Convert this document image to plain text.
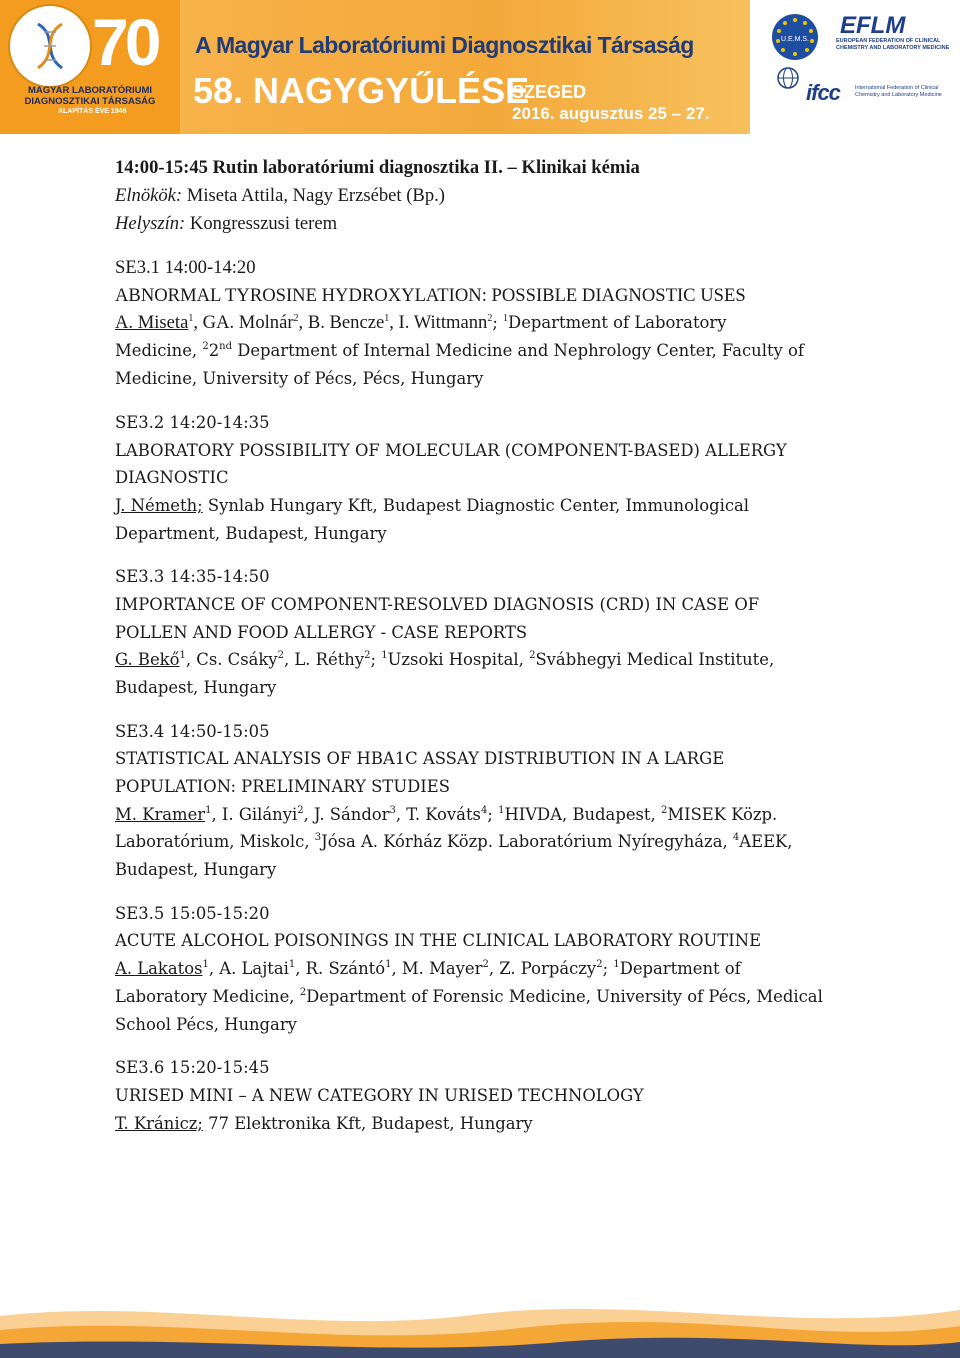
70
MAGYAR LABORATÓRIUMI DIAGNOSZTIKAI TÁRSASÁG
ALAPÍTÁS ÉVE 1946
A Magyar Laboratóriumi Diagnosztikai Társaság
58. NAGYGYŰLÉSE
SZEGED
2016. augusztus 25 – 27.
U.E.M.S.
EFLM
EUROPEAN FEDERATION OF CLINICAL CHEMISTRY AND LABORATORY MEDICINE
ifcc	International Federation of Clinical Chemistry and Laboratory Medicine
14:00-15:45 Rutin laboratóriumi diagnosztika II. – Klinikai kémia
Elnökök: Miseta Attila, Nagy Erzsébet (Bp.)
Helyszín: Kongresszusi terem
SE3.1 14:00-14:20
ABNORMAL TYROSINE HYDROXYLATION: POSSIBLE DIAGNOSTIC USES
A. Miseta$^1$, GA. Molnár$^2$, B. Bencze$^1$, I. Wittmann$^2$; $^1$Department of Laboratory
Medicine, $^2$2nd Department of Internal Medicine and Nephrology Center, Faculty of
Medicine, University of Pécs, Pécs, Hungary
SE3.2 14:20-14:35
LABORATORY POSSIBILITY OF MOLECULAR (COMPONENT-BASED) ALLERGY
DIAGNOSTIC
J. Németh; Synlab Hungary Kft, Budapest Diagnostic Center, Immunological
Department, Budapest, Hungary
SE3.3 14:35-14:50
IMPORTANCE OF COMPONENT-RESOLVED DIAGNOSIS (CRD) IN CASE OF
POLLEN AND FOOD ALLERGY - CASE REPORTS
G. Bekő$^1$, Cs. Csáky$^2$, L. Réthy$^2$; $^1$Uzsoki Hospital, $^2$Svábhegyi Medical Institute,
Budapest, Hungary
SE3.4 14:50-15:05
STATISTICAL ANALYSIS OF HBA1C ASSAY DISTRIBUTION IN A LARGE
POPULATION: PRELIMINARY STUDIES
M. Kramer$^1$, I. Gilányi$^2$, J. Sándor$^3$, T. Kováts$^4$; $^1$HIVDA, Budapest, $^2$MISEK Közp.
Laboratórium, Miskolc, $^3$Jósa A. Kórház Közp. Laboratórium Nyíregyháza, $^4$AEEK,
Budapest, Hungary
SE3.5 15:05-15:20
ACUTE ALCOHOL POISONINGS IN THE CLINICAL LABORATORY ROUTINE
A. Lakatos$^1$, A. Lajtai$^1$, R. Szántó$^1$, M. Mayer$^2$, Z. Porpáczy$^2$; $^1$Department of
Laboratory Medicine, $^2$Department of Forensic Medicine, University of Pécs, Medical
School Pécs, Hungary
SE3.6 15:20-15:45
URISED MINI – A NEW CATEGORY IN URISED TECHNOLOGY
T. Kránicz; 77 Elektronika Kft, Budapest, Hungary
